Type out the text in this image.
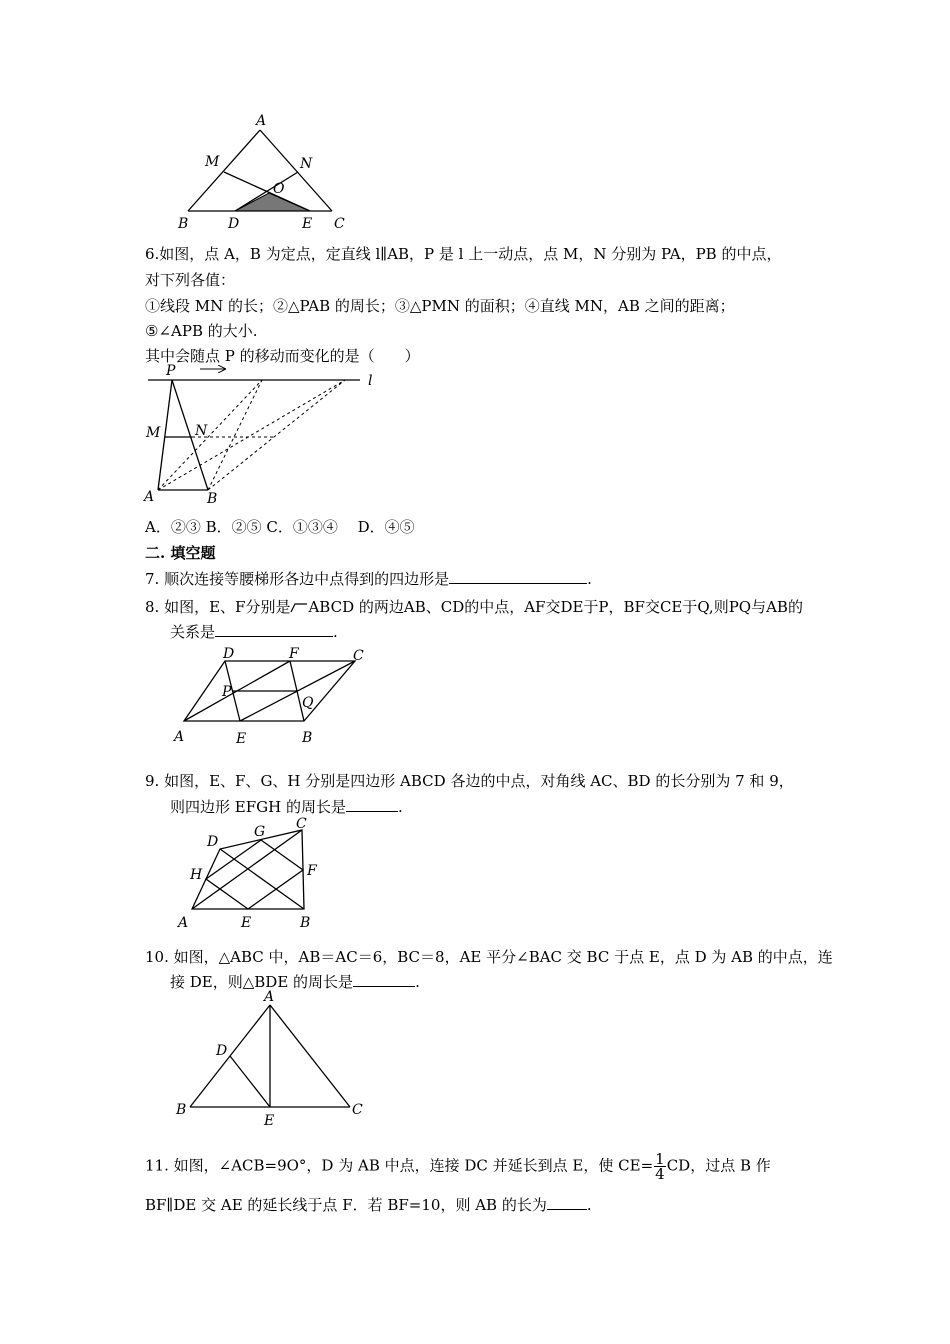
A
M	N
O
B	D	E C
6.如图，点 A，B 为定点，定直线 l∥AB，P 是 l 上一动点，点 M，N 分别为 PA，PB 的中点，
对下列各值：
①线段 MN 的长；②△PAB 的周长；③△PMN 的面积；④直线 MN，AB 之间的距离；
⑤∠APB 的大小.
其中会随点 P 的移动而变化的是（　　）
P
l
M N
A	B
A．②③ B．②⑤ C．①③④　 D．④⑤
二. 填空题
7. 顺次连接等腰梯形各边中点得到的四边形是	.
8. 如图，E、F分别是 ABCD 的两边AB、CD的中点，AF交DE于P，BF交CE于Q,则PQ与AB的
关系是	.
D	F	C
P
Q
A	E	B
9. 如图，E、F、G、H 分别是四边形 ABCD 各边的中点，对角线 AC、BD 的长分别为 7 和 9，
则四边形 EFGH 的周长是	.
D
G C
H	F
A	E	B
10. 如图，△ABC 中，AB＝AC＝6，BC＝8，AE 平分∠BAC 交 BC 于点 E，点 D 为 AB 的中点，连
接 DE，则△BDE 的周长是	.
A
D
B
E
C
11. 如图，∠ACB=9O°，D 为 AB 中点，连接 DC 并延长到点 E，使 $CE= \frac{1}{4}$ CD，过点 B 作
BF∥DE 交 AE 的延长线于点 F．若 BF=10，则 AB 的长为	.
